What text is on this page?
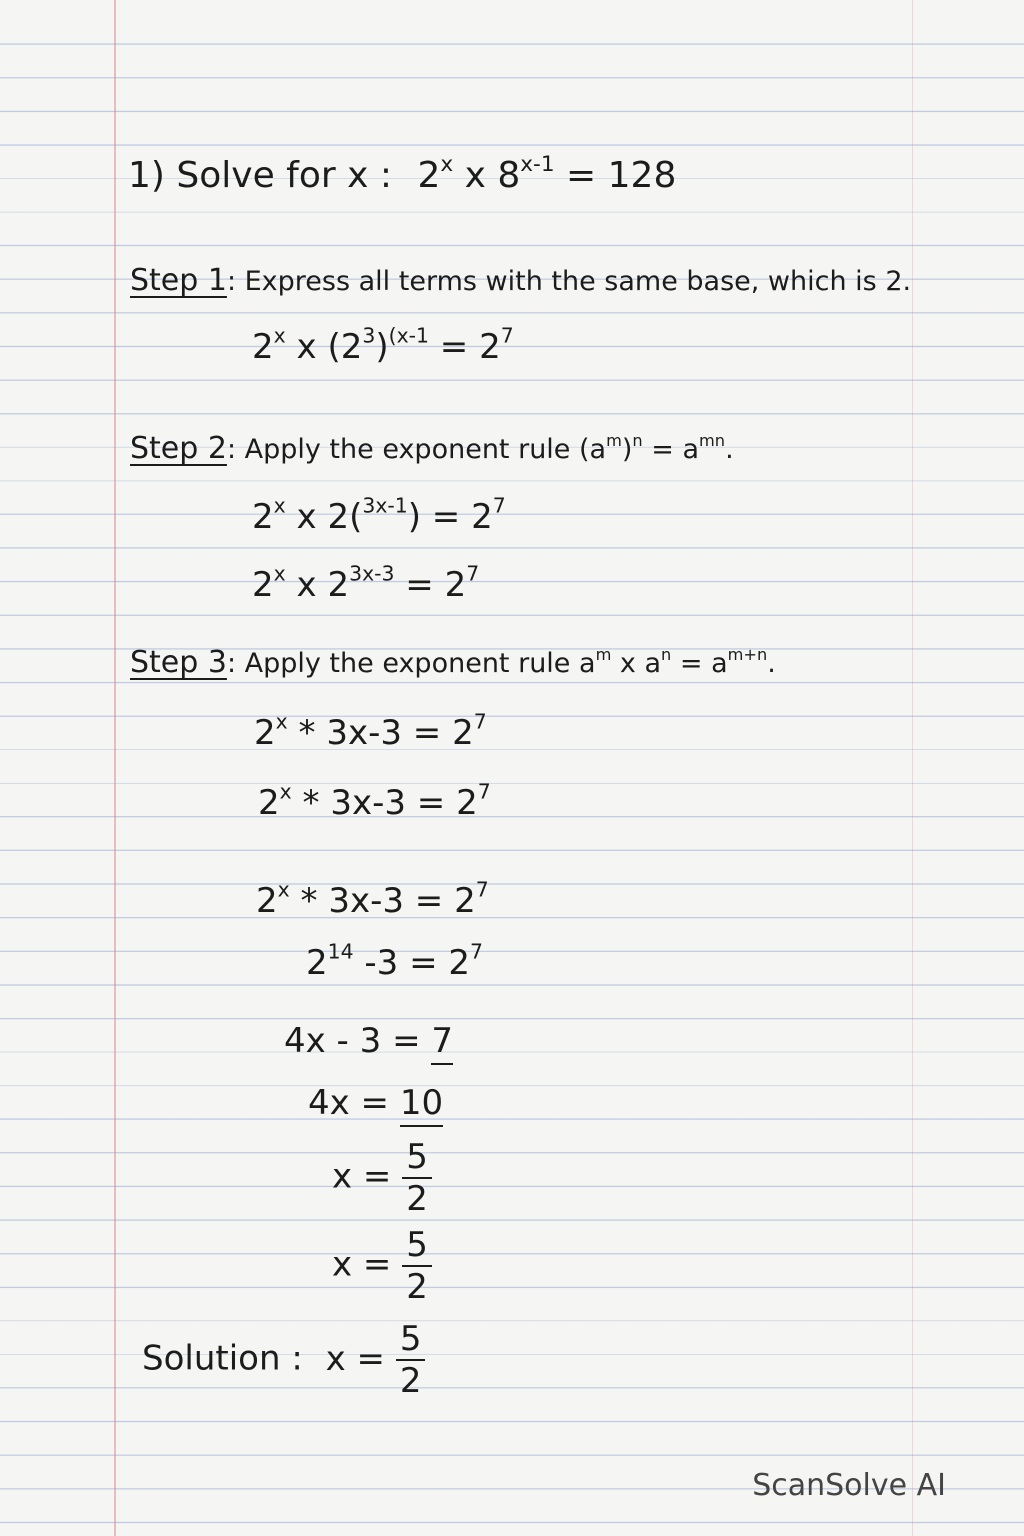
1) Solve for x : 2$^x$ x $8^{x-1} = 128$
Step 1: Express all terms with the same base, which is 2.
2$^x$ x $(2^3)^{(x-1} = 2^7$
Step 2: Apply the exponent rule $(a^m)^n = a^{mn}$.
2$^x$ x $2(^{3x-1}) = 2^7$
2$^x$ x $2^{3x-3} = 2^7$
Step 3: Apply the exponent rule $a^m$ x $a^n = a^{m+n}$.
$2^x * 3x-3 = 2^7$
$2^x * 3x-3 = 2^7$
$2^x * 3x-3 = 2^7$
$2^{14}$ $-3 = 2^7$
4x - 3 = 7
4x = 10
$x = \frac{5}{2}$
$x = \frac{5}{2}$
Solution : $x = \frac{5}{2}$
ScanSolve AI
